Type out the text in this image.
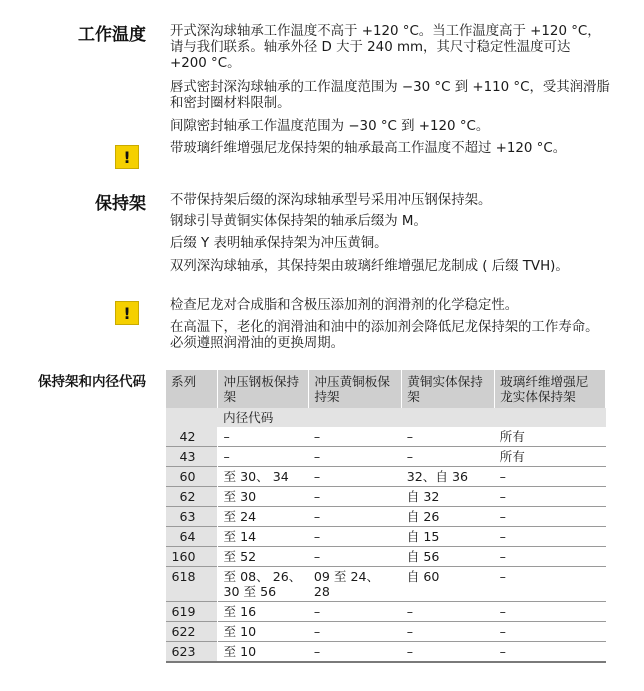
工作温度 开式深沟球轴承工作温度不高于 +120 °C。当工作温度高于 +120 °C，请与我们联系。轴承外径 D 大于 240 mm，其尺寸稳定性温度可达 +200 °C。

唇式密封深沟球轴承的工作温度范围为 −30 °C 到 +110 °C，受其润滑脂和密封圈材料限制。

间隙密封轴承工作温度范围为 −30 °C 到 +120 °C。

!	带玻璃纤维增强尼龙保持架的轴承最高工作温度不超过 +120 °C。

保持架 不带保持架后缀的深沟球轴承型号采用冲压钢保持架。

钢球引导黄铜实体保持架的轴承后缀为 M。

后缀 Y 表明轴承保持架为冲压黄铜。

双列深沟球轴承，其保持架由玻璃纤维增强尼龙制成 ( 后缀 TVH)。

!	检查尼龙对合成脂和含极压添加剂的润滑剂的化学稳定性。

在高温下，老化的润滑油和油中的添加剂会降低尼龙保持架的工作寿命。必须遵照润滑油的更换周期。

保持架和内径代码 系列	冲压钢板保持架	冲压黄铜板保持架	黄铜实体保持架	玻璃纤维增强尼龙实体保持架
	内径代码			
42	–	–	–	所有
43	–	–	–	所有
60	至 30、 34	–	32、自 36	–
62	至 30	–	自 32	–
63	至 24	–	自 26	–
64	至 14	–	自 15	–
160	至 52	–	自 56	–
618	至 08、 26、 30 至 56	09 至 24、 28	自 60	–
619	至 16	–	–	–
622	至 10	–	–	–
623	至 10	–	–	–
